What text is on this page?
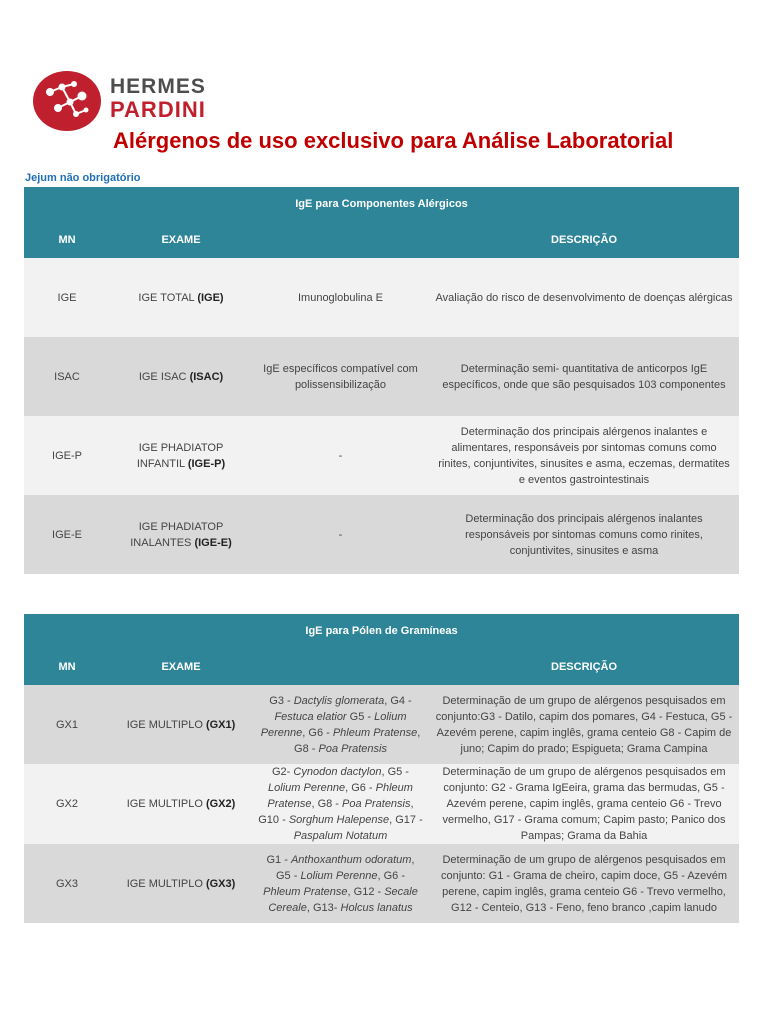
HERMES
PARDINI
Alérgenos de uso exclusivo para Análise Laboratorial
Jejum não obrigatório
IgE para Componentes Alérgicos			
MN	EXAME		DESCRIÇÃO
IGE	IGE TOTAL (IGE)	Imunoglobulina E	Avaliação do risco de desenvolvimento de doenças alérgicas
ISAC	IGE ISAC (ISAC)	IgE específicos compatível com polissensibilização	Determinação semi- quantitativa de anticorpos IgE específicos, onde que são pesquisados 103 componentes
IGE-P	IGE PHADIATOP INFANTIL (IGE-P)	-	Determinação dos principais alérgenos inalantes e alimentares, responsáveis por sintomas comuns como rinites, conjuntivites, sinusites e asma, eczemas, dermatites e eventos gastrointestinais
IGE-E	IGE PHADIATOP INALANTES (IGE-E)	-	Determinação dos principais alérgenos inalantes responsáveis por sintomas comuns como rinites, conjuntivites, sinusites e asma
IgE para Pólen de Gramíneas			
MN	EXAME		DESCRIÇÃO
GX1	IGE MULTIPLO (GX1)	G3 - Dactylis glomerata, G4 - Festuca elatior G5 - Lolium Perenne, G6 - Phleum Pratense, G8 - Poa Pratensis	Determinação de um grupo de alérgenos pesquisados em conjunto:G3 - Datilo, capim dos pomares, G4 - Festuca, G5 - Azevém perene, capim inglês, grama centeio G8 - Capim de juno; Capim do prado; Espigueta; Grama Campina
GX2	IGE MULTIPLO (GX2)	G2- Cynodon dactylon, G5 - Lolium Perenne, G6 - Phleum Pratense, G8 - Poa Pratensis, G10 - Sorghum Halepense, G17 - Paspalum Notatum	Determinação de um grupo de alérgenos pesquisados em conjunto: G2 - Grama IgEeira, grama das bermudas, G5 - Azevém perene, capim inglês, grama centeio G6 - Trevo vermelho, G17 - Grama comum; Capim pasto; Panico dos Pampas; Grama da Bahia
GX3	IGE MULTIPLO (GX3)	G1 - Anthoxanthum odoratum, G5 - Lolium Perenne, G6 - Phleum Pratense, G12 - Secale Cereale, G13- Holcus lanatus	Determinação de um grupo de alérgenos pesquisados em conjunto: G1 - Grama de cheiro, capim doce, G5 - Azevém perene, capim inglês, grama centeio G6 - Trevo vermelho, G12 - Centeio, G13 - Feno, feno branco ,capim lanudo
